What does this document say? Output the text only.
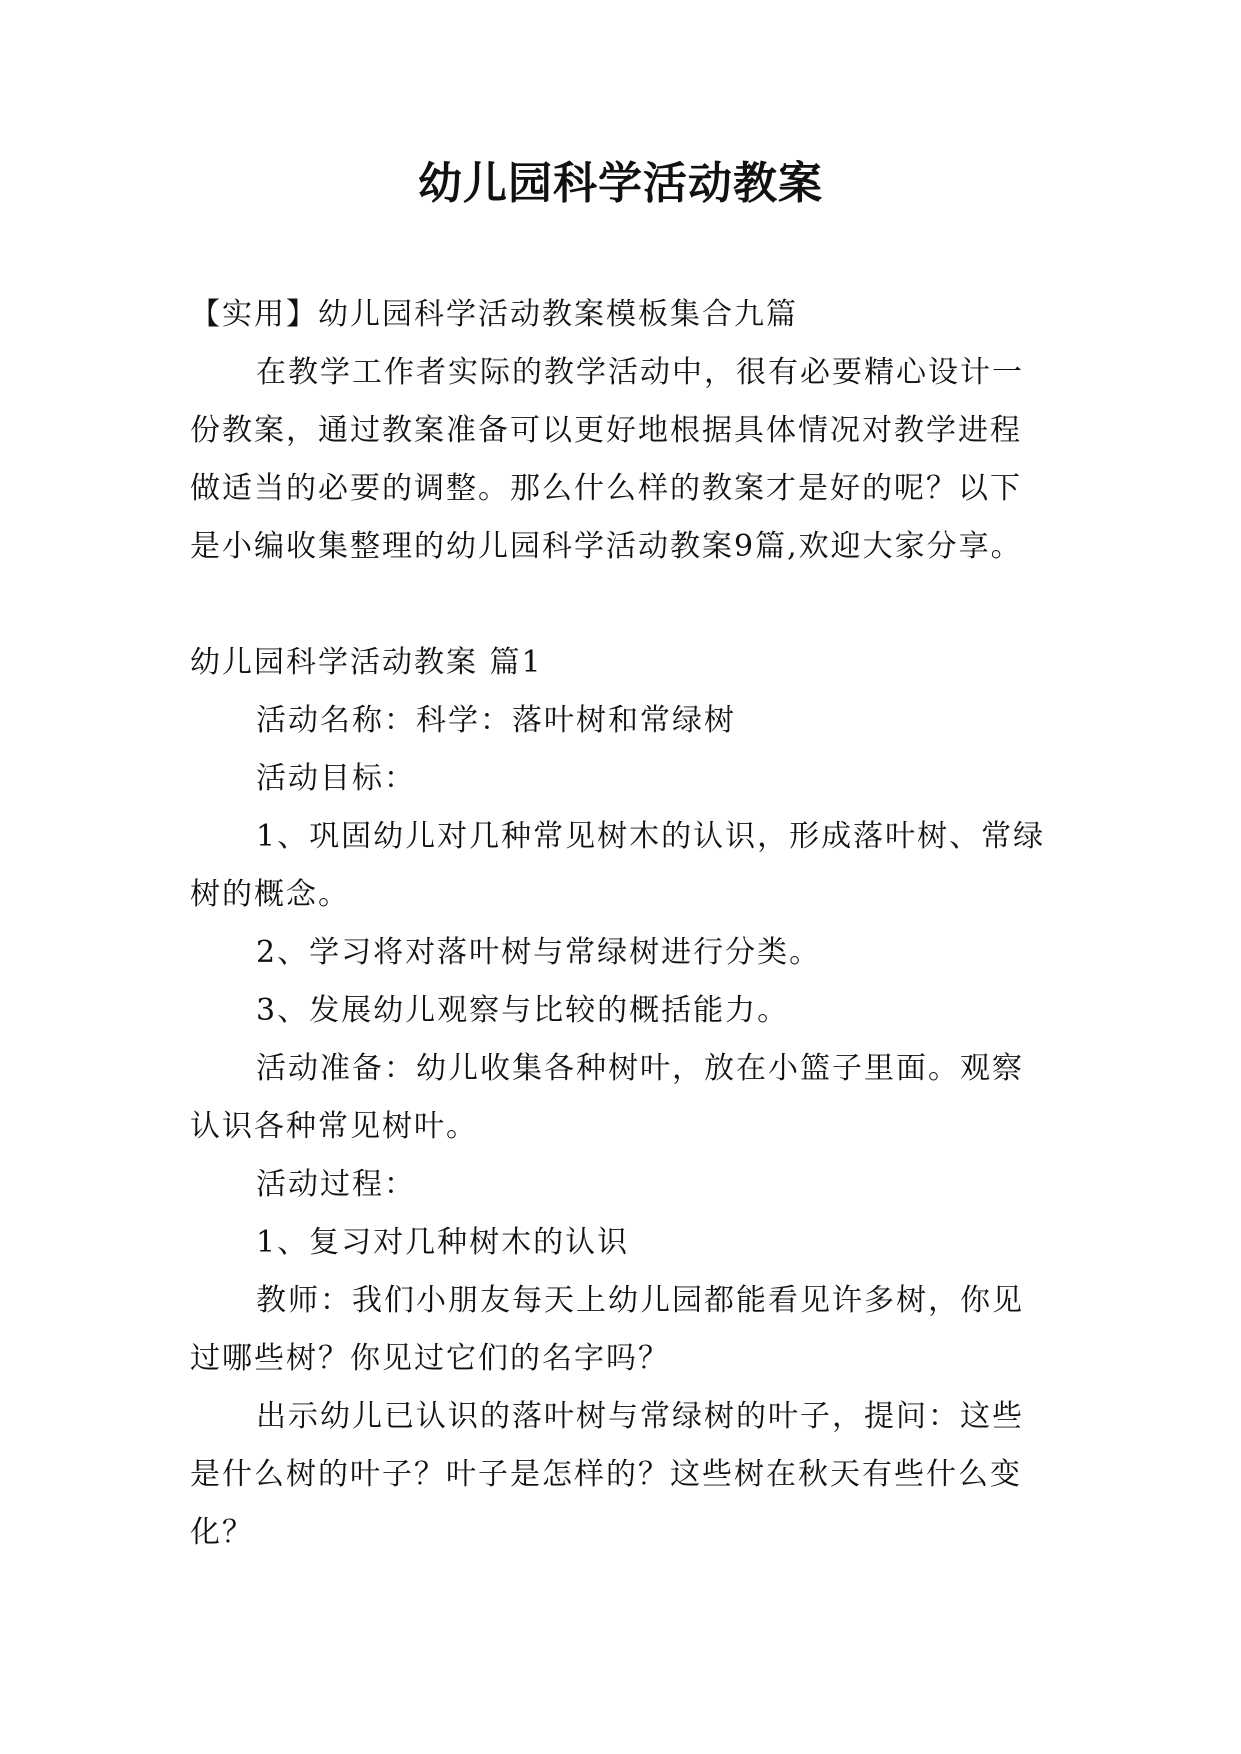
幼儿园科学活动教案

【实用】幼儿园科学活动教案模板集合九篇

在教学工作者实际的教学活动中，很有必要精心设计一份教案，通过教案准备可以更好地根据具体情况对教学进程做适当的必要的调整。那么什么样的教案才是好的呢？以下是小编收集整理的幼儿园科学活动教案9篇,欢迎大家分享。

幼儿园科学活动教案 篇1

活动名称：科学：落叶树和常绿树

活动目标：

1、巩固幼儿对几种常见树木的认识，形成落叶树、常绿树的概念。

2、学习将对落叶树与常绿树进行分类。

3、发展幼儿观察与比较的概括能力。

活动准备：幼儿收集各种树叶，放在小篮子里面。观察认识各种常见树叶。

活动过程：

1、复习对几种树木的认识

教师：我们小朋友每天上幼儿园都能看见许多树，你见过哪些树？你见过它们的名字吗？

出示幼儿已认识的落叶树与常绿树的叶子，提问：这些是什么树的叶子？叶子是怎样的？这些树在秋天有些什么变化？
